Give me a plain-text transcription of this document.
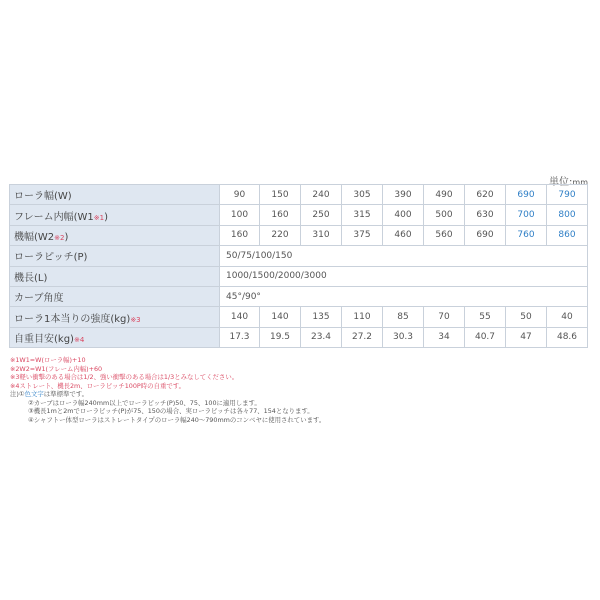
単位:mm
ローラ幅(W)	90	150	240	305	390	490	620	690	790
フレーム内幅(W1※1)	100	160	250	315	400	500	630	700	800
機幅(W2※2)	160	220	310	375	460	560	690	760	860
ローラピッチ(P)	50/75/100/150								
機長(L)	1000/1500/2000/3000								
カーブ角度	45°/90°								
ローラ1本当りの強度(kg)※3	140	140	135	110	85	70	55	50	40
自重目安(kg)※4	17.3	19.5	23.4	27.2	30.3	34	40.7	47	48.6
※1W1=W(ローラ幅)+10
※2W2=W1(フレーム内幅)+60
※3軽い衝撃のある場合は1/2、強い衝撃のある場合は1/3とみなしてください。
※4ストレート、機長2m、ローラピッチ100P時の自重です。
注)①色文字は準標準です。
②カーブはローラ幅240mm以上でローラピッチ(P)50、75、100に適用します。
③機長1mと2mでローラピッチ(P)が75、150の場合、実ローラピッチは各々77、154となります。
④シャフトー体型ローラはストレートタイプのローラ幅240～790mmのコンベヤに使用されています。
